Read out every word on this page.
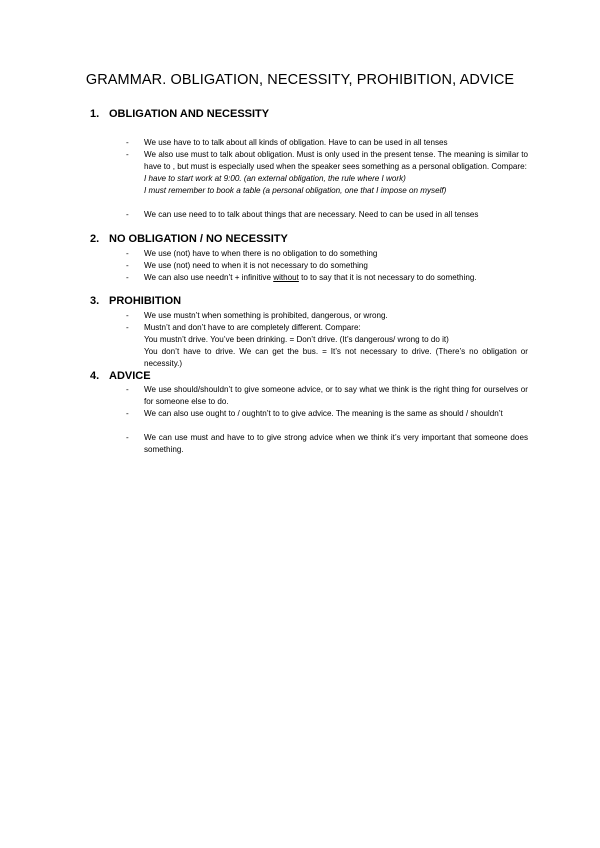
GRAMMAR. OBLIGATION, NECESSITY, PROHIBITION, ADVICE
1. OBLIGATION AND NECESSITY
- We use have to to talk about all kinds of obligation. Have to can be used in all tenses
- We also use must to talk about obligation. Must is only used in the present tense. The meaning is similar to have to , but must is especially used when the speaker sees something as a personal obligation. Compare:
I have to start work at 9:00. (an external obligation, the rule where I work)
I must remember to book a table (a personal obligation, one that I impose on myself)
- We can use need to to talk about things that are necessary. Need to can be used in all tenses
2. NO OBLIGATION / NO NECESSITY
- We use (not) have to when there is no obligation to do something
- We use (not) need to when it is not necessary to do something
- We can also use needn’t + infinitive without to to say that it is not necessary to do something.
3. PROHIBITION
- We use mustn’t when something is prohibited, dangerous, or wrong.
- Mustn’t and don’t have to are completely different. Compare:
You mustn’t drive. You’ve been drinking. = Don’t drive. (It’s dangerous/ wrong to do it)
You don’t have to drive. We can get the bus. = It’s not necessary to drive. (There’s no obligation or necessity.)
4. ADVICE
- We use should/shouldn’t to give someone advice, or to say what we think is the right thing for ourselves or for someone else to do.
- We can also use ought to / oughtn’t to to give advice. The meaning is the same as should / shouldn’t
- We can use must and have to to give strong advice when we think it’s very important that someone does something.
